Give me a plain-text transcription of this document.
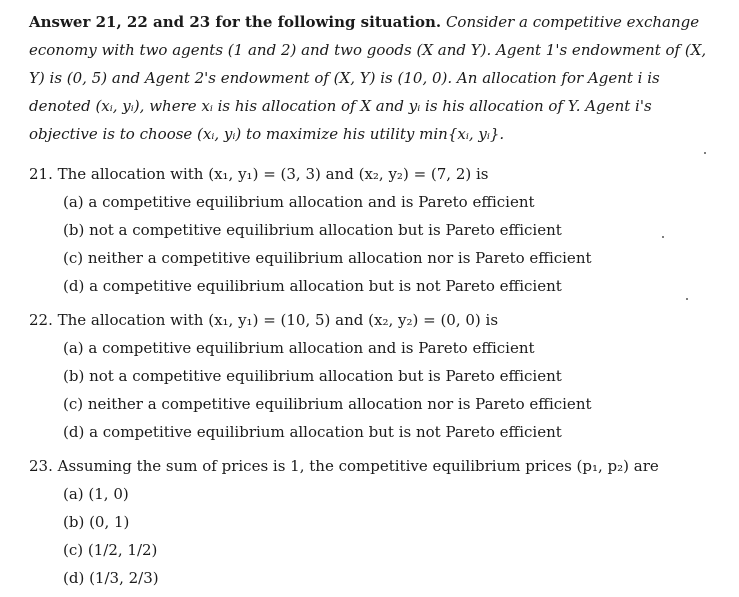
Answer 21, 22 and 23 for the following situation. Consider a competitive exchange economy with two agents (1 and 2) and two goods (X and Y). Agent 1's endowment of (X, Y) is (0, 5) and Agent 2's endowment of (X, Y) is (10, 0). An allocation for Agent i is denoted (xᵢ, yᵢ), where xᵢ is his allocation of X and yᵢ is his allocation of Y. Agent i's objective is to choose (xᵢ, yᵢ) to maximize his utility min{xᵢ, yᵢ}.
21. The allocation with (x₁, y₁) = (3, 3) and (x₂, y₂) = (7, 2) is
(a) a competitive equilibrium allocation and is Pareto efficient
(b) not a competitive equilibrium allocation but is Pareto efficient
(c) neither a competitive equilibrium allocation nor is Pareto efficient
(d) a competitive equilibrium allocation but is not Pareto efficient
22. The allocation with (x₁, y₁) = (10, 5) and (x₂, y₂) = (0, 0) is
(a) a competitive equilibrium allocation and is Pareto efficient
(b) not a competitive equilibrium allocation but is Pareto efficient
(c) neither a competitive equilibrium allocation nor is Pareto efficient
(d) a competitive equilibrium allocation but is not Pareto efficient
23. Assuming the sum of prices is 1, the competitive equilibrium prices (p₁, p₂) are
(a) (1, 0)
(b) (0, 1)
(c) (1/2, 1/2)
(d) (1/3, 2/3)
